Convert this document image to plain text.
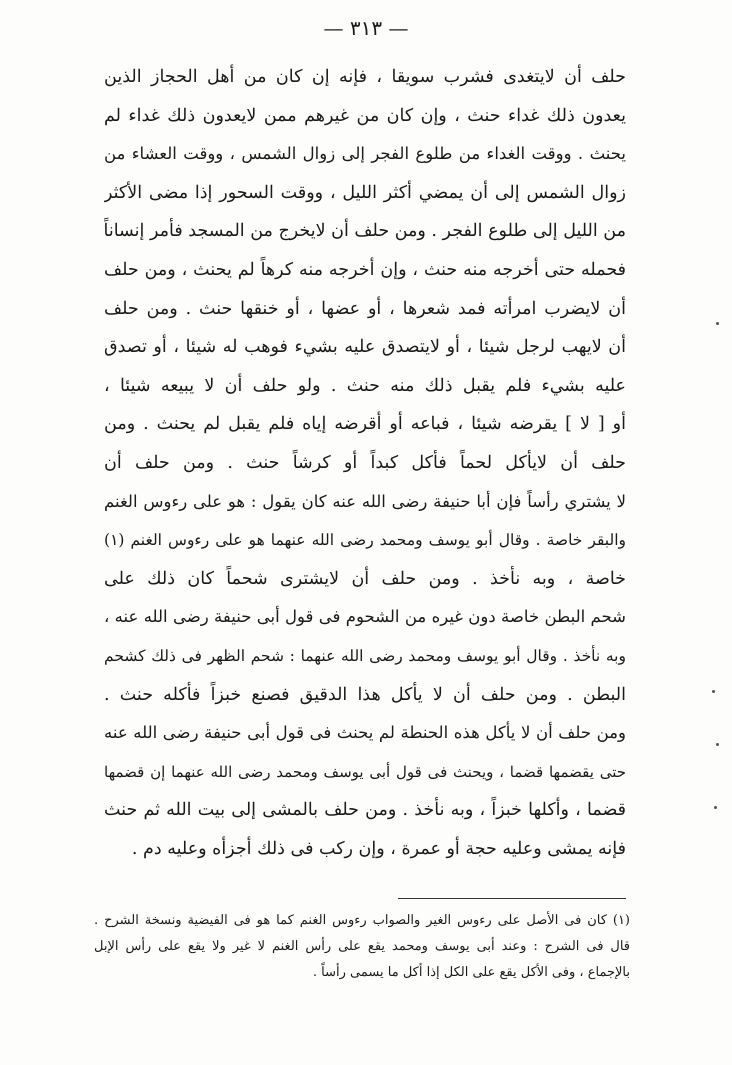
— ٣١٣ —
حلف أن لايتغدى فشرب سويقا ، فإنه إن كان من أهل الحجاز الذين
يعدون ذلك غداء حنث ، وإن كان من غيرهم ممن لايعدون ذلك غداء لم
يحنث . ووقت الغداء من طلوع الفجر إلى زوال الشمس ، ووقت العشاء من
زوال الشمس إلى أن يمضي أكثر الليل ، ووقت السحور إذا مضى الأكثر
من الليل إلى طلوع الفجر . ومن حلف أن لايخرج من المسجد فأمر إنساناً
فحمله حتى أخرجه منه حنث ، وإن أخرجه منه كرهاً لم يحنث ، ومن حلف
أن لايضرب امرأته فمد شعرها ، أو عضها ، أو خنقها حنث . ومن حلف
أن لايهب لرجل شيئا ، أو لايتصدق عليه بشيء فوهب له شيئا ، أو تصدق
عليه بشيء فلم يقبل ذلك منه حنث . ولو حلف أن لا يبيعه شيئا ،
أو [ لا ] يقرضه شيئا ، فباعه أو أقرضه إياه فلم يقبل لم يحنث . ومن
حلف أن لايأكل لحماً فأكل كبداً أو كرشاً حنث . ومن حلف أن
لا يشتري رأساً فإن أبا حنيفة رضى الله عنه كان يقول : هو على رءوس الغنم
والبقر خاصة . وقال أبو يوسف ومحمد رضى الله عنهما هو على رءوس الغنم (١)
خاصة ، وبه نأخذ . ومن حلف أن لايشترى شحماً كان ذلك على
شحم البطن خاصة دون غيره من الشحوم فى قول أبى حنيفة رضى الله عنه ،
وبه نأخذ . وقال أبو يوسف ومحمد رضى الله عنهما : شحم الظهر فى ذلك كشحم
البطن . ومن حلف أن لا يأكل هذا الدقيق فصنع خبزاً فأكله حنث .
ومن حلف أن لا يأكل هذه الحنطة لم يحنث فى قول أبى حنيفة رضى الله عنه
حتى يقضمها قضما ، ويحنث فى قول أبى يوسف ومحمد رضى الله عنهما إن قضمها
قضما ، وأكلها خبزاً ، وبه نأخذ . ومن حلف بالمشى إلى بيت الله ثم حنث
فإنه يمشى وعليه حجة أو عمرة ، وإن ركب فى ذلك أجزأه وعليه دم .
(١) كان فى الأصل على رءوس الغير والصواب رءوس الغنم كما هو فى الفيضية ونسخة الشرح .
قال فى الشرح : وعند أبى يوسف ومحمد يقع على رأس الغنم لا غير ولا يقع على رأس الإبل
بالإجماع ، وفى الأكل يقع على الكل إذا أكل ما يسمى رأساً .
